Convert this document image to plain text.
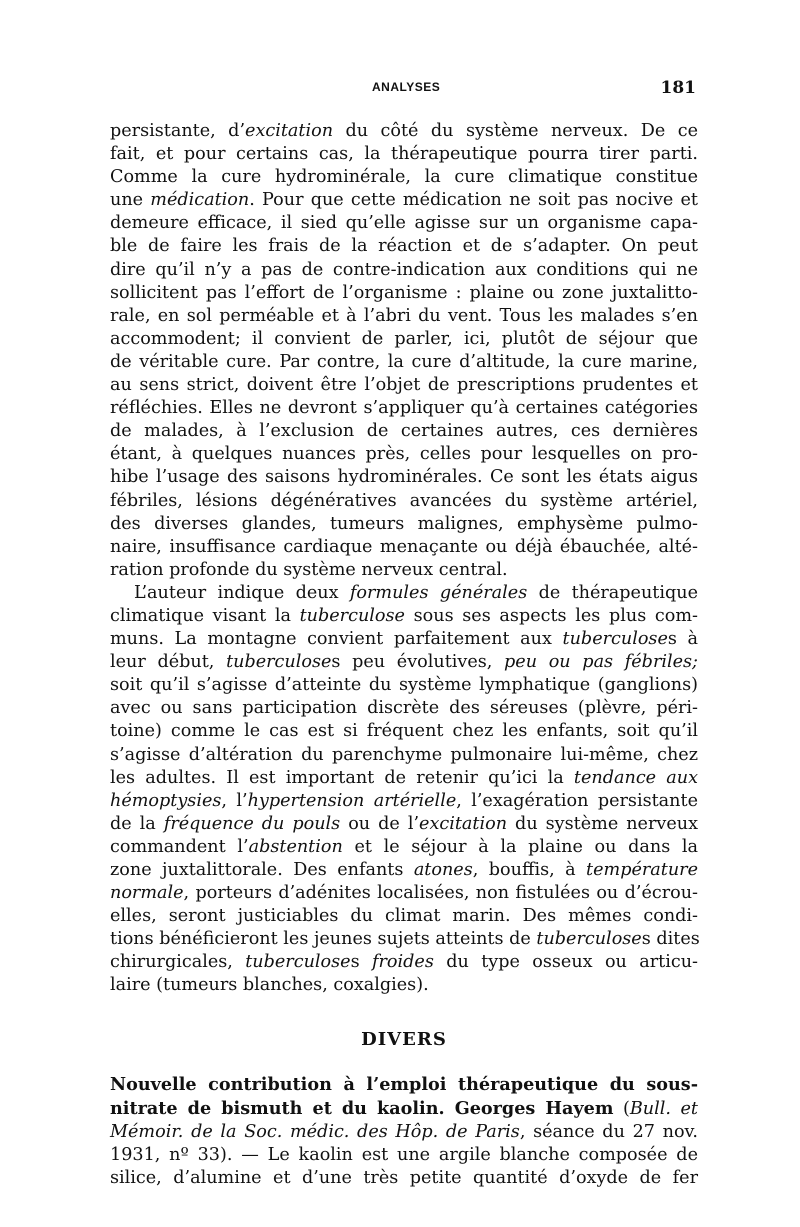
ANALYSES	181
persistante, d’excitation du côté du système nerveux. De ce
fait, et pour certains cas, la thérapeutique pourra tirer parti.
Comme la cure hydrominérale, la cure climatique constitue
une médication. Pour que cette médication ne soit pas nocive et
demeure efficace, il sied qu’elle agisse sur un organisme capa-
ble de faire les frais de la réaction et de s’adapter. On peut
dire qu’il n’y a pas de contre-indication aux conditions qui ne
sollicitent pas l’effort de l’organisme : plaine ou zone juxtalitto-
rale, en sol perméable et à l’abri du vent. Tous les malades s’en
accommodent; il convient de parler, ici, plutôt de séjour que
de véritable cure. Par contre, la cure d’altitude, la cure marine,
au sens strict, doivent être l’objet de prescriptions prudentes et
réfléchies. Elles ne devront s’appliquer qu’à certaines catégories
de malades, à l’exclusion de certaines autres, ces dernières
étant, à quelques nuances près, celles pour lesquelles on pro-
hibe l’usage des saisons hydrominérales. Ce sont les états aigus
fébriles, lésions dégénératives avancées du système artériel,
des diverses glandes, tumeurs malignes, emphysème pulmo-
naire, insuffisance cardiaque menaçante ou déjà ébauchée, alté-
ration profonde du système nerveux central.
L’auteur indique deux formules générales de thérapeutique
climatique visant la tuberculose sous ses aspects les plus com-
muns. La montagne convient parfaitement aux tuberculoses à
leur début, tuberculoses peu évolutives, peu ou pas fébriles;
soit qu’il s’agisse d’atteinte du système lymphatique (ganglions)
avec ou sans participation discrète des séreuses (plèvre, péri-
toine) comme le cas est si fréquent chez les enfants, soit qu’il
s’agisse d’altération du parenchyme pulmonaire lui-même, chez
les adultes. Il est important de retenir qu’ici la tendance aux
hémoptysies, l’hypertension artérielle, l’exagération persistante
de la fréquence du pouls ou de l’excitation du système nerveux
commandent l’abstention et le séjour à la plaine ou dans la
zone juxtalittorale. Des enfants atones, bouffis, à température
normale, porteurs d’adénites localisées, non fistulées ou d’écrou-
elles, seront justiciables du climat marin. Des mêmes condi-
tions bénéficieront les jeunes sujets atteints de tuberculoses dites
chirurgicales, tuberculoses froides du type osseux ou articu-
laire (tumeurs blanches, coxalgies).
DIVERS
Nouvelle contribution à l’emploi thérapeutique du sous-
nitrate de bismuth et du kaolin. Georges Hayem (Bull. et
Mémoir. de la Soc. médic. des Hôp. de Paris, séance du 27 nov.
1931, nº 33). — Le kaolin est une argile blanche composée de
silice, d’alumine et d’une très petite quantité d’oxyde de fer
